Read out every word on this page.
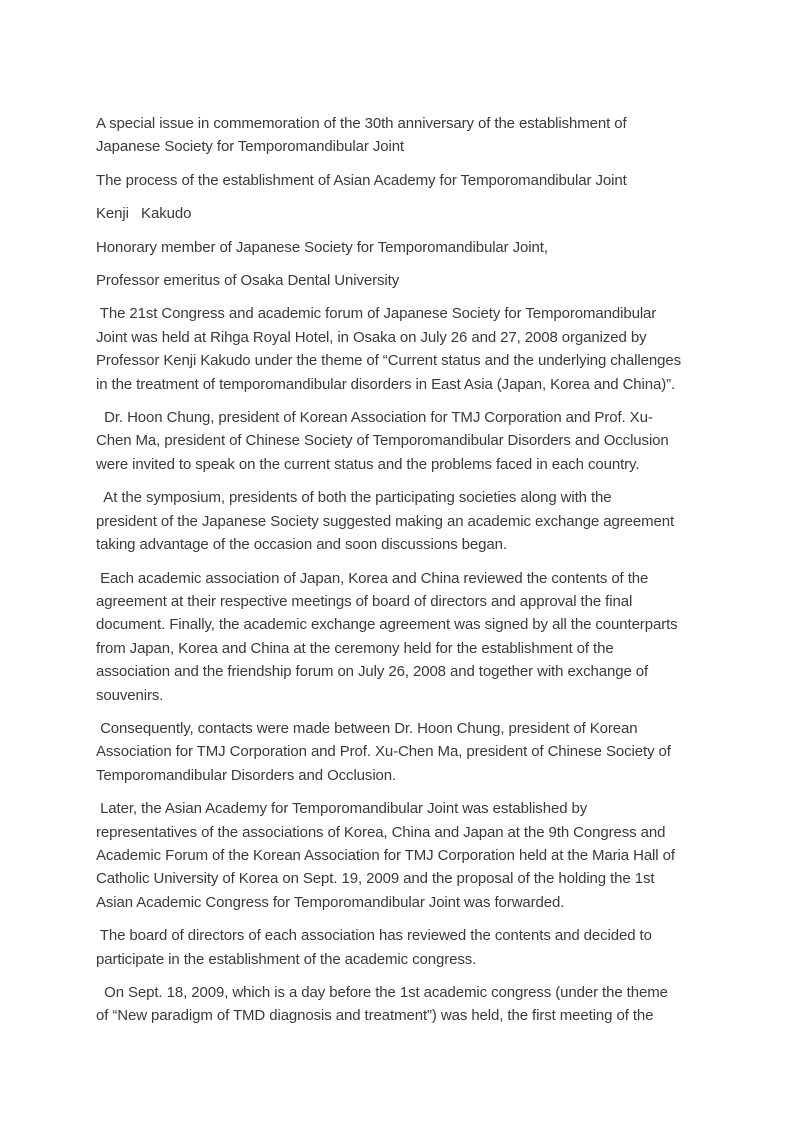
A special issue in commemoration of the 30th anniversary of the establishment of
Japanese Society for Temporomandibular Joint

The process of the establishment of Asian Academy for Temporomandibular Joint

Kenji   Kakudo

Honorary member of Japanese Society for Temporomandibular Joint,

Professor emeritus of Osaka Dental University

The 21st Congress and academic forum of Japanese Society for Temporomandibular
Joint was held at Rihga Royal Hotel, in Osaka on July 26 and 27, 2008 organized by
Professor Kenji Kakudo under the theme of “Current status and the underlying challenges
in the treatment of temporomandibular disorders in East Asia (Japan, Korea and China)”.

Dr. Hoon Chung, president of Korean Association for TMJ Corporation and Prof. Xu-
Chen Ma, president of Chinese Society of Temporomandibular Disorders and Occlusion
were invited to speak on the current status and the problems faced in each country.

At the symposium, presidents of both the participating societies along with the
president of the Japanese Society suggested making an academic exchange agreement
taking advantage of the occasion and soon discussions began.

Each academic association of Japan, Korea and China reviewed the contents of the
agreement at their respective meetings of board of directors and approval the final
document. Finally, the academic exchange agreement was signed by all the counterparts
from Japan, Korea and China at the ceremony held for the establishment of the
association and the friendship forum on July 26, 2008 and together with exchange of
souvenirs.

Consequently, contacts were made between Dr. Hoon Chung, president of Korean
Association for TMJ Corporation and Prof. Xu-Chen Ma, president of Chinese Society of
Temporomandibular Disorders and Occlusion.

Later, the Asian Academy for Temporomandibular Joint was established by
representatives of the associations of Korea, China and Japan at the 9th Congress and
Academic Forum of the Korean Association for TMJ Corporation held at the Maria Hall of
Catholic University of Korea on Sept. 19, 2009 and the proposal of the holding the 1st
Asian Academic Congress for Temporomandibular Joint was forwarded.

The board of directors of each association has reviewed the contents and decided to
participate in the establishment of the academic congress.

On Sept. 18, 2009, which is a day before the 1st academic congress (under the theme
of “New paradigm of TMD diagnosis and treatment”) was held, the first meeting of the
